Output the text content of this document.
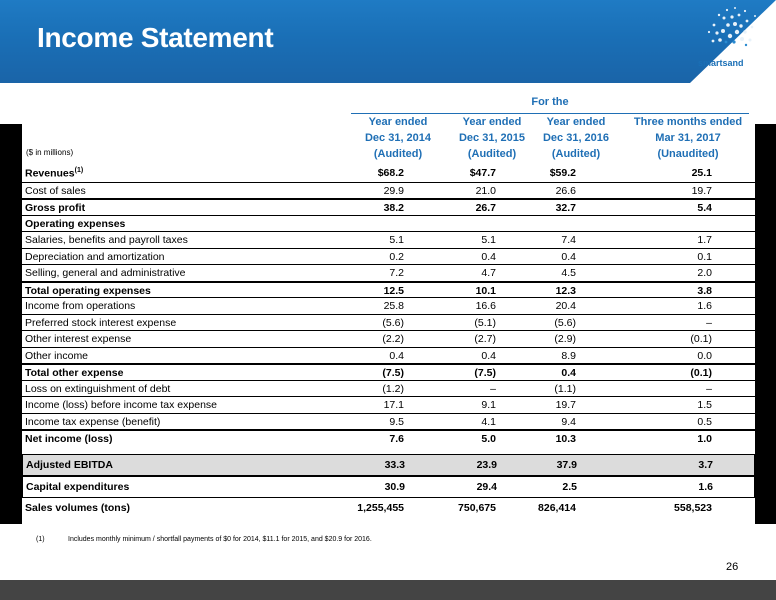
Income Statement
smartsand
For the
Year ended
Dec 31, 2014
(Audited)
Year ended
Dec 31, 2015
(Audited)
Year ended
Dec 31, 2016
(Audited)
Three months ended
Mar 31, 2017
(Unaudited)
($ in millions)
Revenues$^{(1)}$	$68.2	$47.7	$59.2	25.1
Cost of sales	29.9	21.0	26.6	19.7
Gross profit	38.2	26.7	32.7	5.4
Operating expenses
Salaries, benefits and payroll taxes	5.1	5.1	7.4	1.7
Depreciation and amortization	0.2	0.4	0.4	0.1
Selling, general and administrative	7.2	4.7	4.5	2.0
Total operating expenses	12.5	10.1	12.3	3.8
Income from operations	25.8	16.6	20.4	1.6
Preferred stock interest expense	(5.6)	(5.1)	(5.6)	–
Other interest expense	(2.2)	(2.7)	(2.9)	(0.1)
Other income	0.4	0.4	8.9	0.0
Total other expense	(7.5)	(7.5)	0.4	(0.1)
Loss on extinguishment of debt	(1.2)	–	(1.1)	–
Income (loss) before income tax expense	17.1	9.1	19.7	1.5
Income tax expense (benefit)	9.5	4.1	9.4	0.5
Net income (loss)	7.6	5.0	10.3	1.0
Adjusted EBITDA	33.3	23.9	37.9	3.7
Capital expenditures	30.9	29.4	2.5	1.6
Sales volumes (tons)	1,255,455	750,675	826,414	558,523
(1)	Includes monthly minimum / shortfall payments of $0 for 2014, $11.1 for 2015, and $20.9 for 2016.
26
